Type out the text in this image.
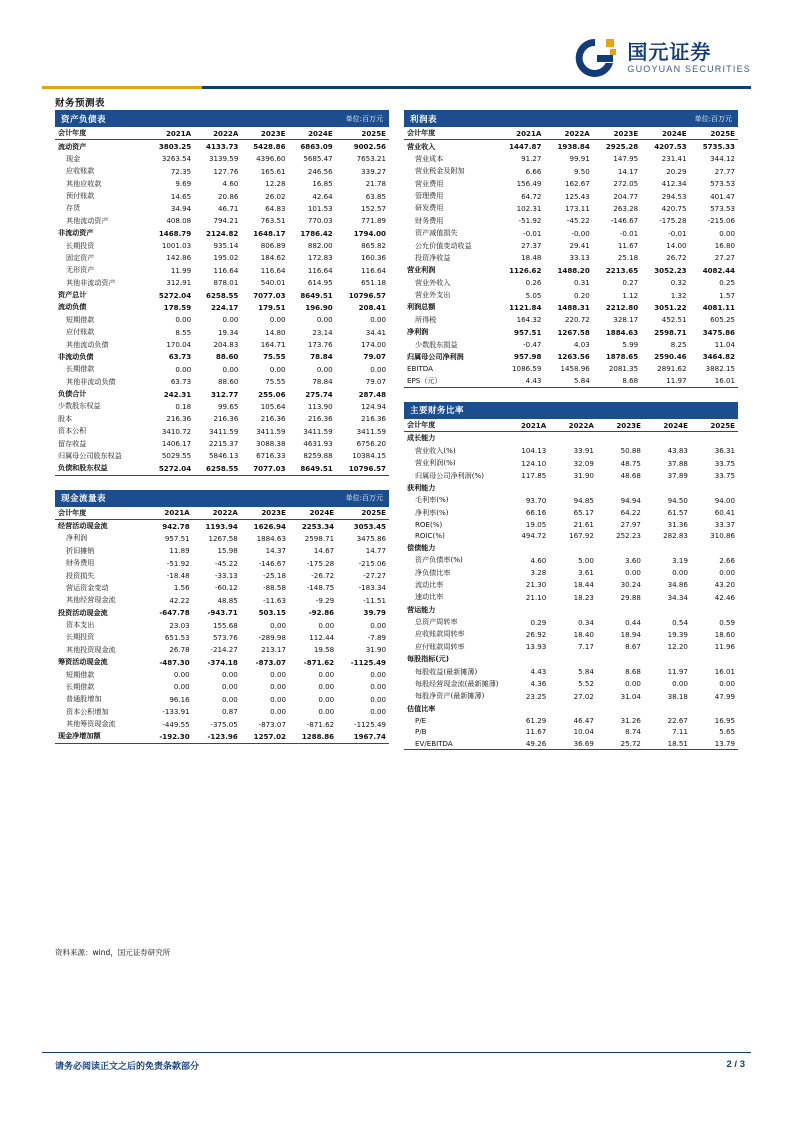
国元证券
GUOYUAN SECURITIES
财务预测表
资产负债表	单位:百万元
会计年度	2021A	2022A	2023E	2024E	2025E
流动资产	3803.25	4133.73	5428.86	6863.09	9002.56
现金	3263.54	3139.59	4396.60	5685.47	7653.21
应收账款	72.35	127.76	165.61	246.56	339.27
其他应收款	9.69	4.60	12.28	16.85	21.78
预付账款	14.65	20.86	26.02	42.64	63.85
存货	34.94	46.71	64.83	101.53	152.57
其他流动资产	408.08	794.21	763.51	770.03	771.89
非流动资产	1468.79	2124.82	1648.17	1786.42	1794.00
长期投资	1001.03	935.14	806.89	882.00	865.82
固定资产	142.86	195.02	184.62	172.83	160.36
无形资产	11.99	116.64	116.64	116.64	116.64
其他非流动资产	312.91	878.01	540.01	614.95	651.18
资产总计	5272.04	6258.55	7077.03	8649.51	10796.57
流动负债	178.59	224.17	179.51	196.90	208.41
短期借款	0.00	0.00	0.00	0.00	0.00
应付账款	8.55	19.34	14.80	23.14	34.41
其他流动负债	170.04	204.83	164.71	173.76	174.00
非流动负债	63.73	88.60	75.55	78.84	79.07
长期借款	0.00	0.00	0.00	0.00	0.00
其他非流动负债	63.73	88.60	75.55	78.84	79.07
负债合计	242.31	312.77	255.06	275.74	287.48
少数股东权益	0.18	99.65	105.64	113.90	124.94
股本	216.36	216.36	216.36	216.36	216.36
资本公积	3410.72	3411.59	3411.59	3411.59	3411.59
留存收益	1406.17	2215.37	3088.38	4631.93	6756.20
归属母公司股东权益	5029.55	5846.13	6716.33	8259.88	10384.15
负债和股东权益	5272.04	6258.55	7077.03	8649.51	10796.57
现金流量表	单位:百万元
会计年度	2021A	2022A	2023E	2024E	2025E
经营活动现金流	942.78	1193.94	1626.94	2253.34	3053.45
净利润	957.51	1267.58	1884.63	2598.71	3475.86
折旧摊销	11.89	15.98	14.37	14.67	14.77
财务费用	-51.92	-45.22	-146.67	-175.28	-215.06
投资损失	-18.48	-33.13	-25.18	-26.72	-27.27
营运资金变动	1.56	-60.12	-88.58	-148.75	-183.34
其他经营现金流	42.22	48.85	-11.63	-9.29	-11.51
投资活动现金流	-647.78	-943.71	503.15	-92.86	39.79
资本支出	23.03	155.68	0.00	0.00	0.00
长期投资	651.53	573.76	-289.98	112.44	-7.89
其他投资现金流	26.78	-214.27	213.17	19.58	31.90
筹资活动现金流	-487.30	-374.18	-873.07	-871.62	-1125.49
短期借款	0.00	0.00	0.00	0.00	0.00
长期借款	0.00	0.00	0.00	0.00	0.00
普通股增加	96.16	0.00	0.00	0.00	0.00
资本公积增加	-133.91	0.87	0.00	0.00	0.00
其他筹资现金流	-449.55	-375.05	-873.07	-871.62	-1125.49
现金净增加额	-192.30	-123.96	1257.02	1288.86	1967.74
利润表	单位:百万元
会计年度	2021A	2022A	2023E	2024E	2025E
营业收入	1447.87	1938.84	2925.28	4207.53	5735.33
营业成本	91.27	99.91	147.95	231.41	344.12
营业税金及附加	6.66	9.50	14.17	20.29	27.77
营业费用	156.49	162.67	272.05	412.34	573.53
管理费用	64.72	125.43	204.77	294.53	401.47
研发费用	102.31	173.11	263.28	420.75	573.53
财务费用	-51.92	-45.22	-146.67	-175.28	-215.06
资产减值损失	-0.01	-0.00	-0.01	-0.01	0.00
公允价值变动收益	27.37	29.41	11.67	14.00	16.80
投资净收益	18.48	33.13	25.18	26.72	27.27
营业利润	1126.62	1488.20	2213.65	3052.23	4082.44
营业外收入	0.26	0.31	0.27	0.32	0.25
营业外支出	5.05	0.20	1.12	1.32	1.57
利润总额	1121.84	1488.31	2212.80	3051.22	4081.11
所得税	164.32	220.72	328.17	452.51	605.25
净利润	957.51	1267.58	1884.63	2598.71	3475.86
少数股东损益	-0.47	4.03	5.99	8.25	11.04
归属母公司净利润	957.98	1263.56	1878.65	2590.46	3464.82
EBITDA	1086.59	1458.96	2081.35	2891.62	3882.15
EPS（元）	4.43	5.84	8.68	11.97	16.01
主要财务比率
会计年度	2021A	2022A	2023E	2024E	2025E
成长能力					
营业收入(%)	104.13	33.91	50.88	43.83	36.31
营业利润(%)	124.10	32.09	48.75	37.88	33.75
归属母公司净利润(%)	117.85	31.90	48.68	37.89	33.75
获利能力					
毛利率(%)	93.70	94.85	94.94	94.50	94.00
净利率(%)	66.16	65.17	64.22	61.57	60.41
ROE(%)	19.05	21.61	27.97	31.36	33.37
ROIC(%)	494.72	167.92	252.23	282.83	310.86
偿债能力					
资产负债率(%)	4.60	5.00	3.60	3.19	2.66
净负债比率	3.28	3.61	0.00	0.00	0.00
流动比率	21.30	18.44	30.24	34.86	43.20
速动比率	21.10	18.23	29.88	34.34	42.46
营运能力					
总资产周转率	0.29	0.34	0.44	0.54	0.59
应收账款周转率	26.92	18.40	18.94	19.39	18.60
应付账款周转率	13.93	7.17	8.67	12.20	11.96
每股指标(元)					
每股收益(最新摊薄)	4.43	5.84	8.68	11.97	16.01
每股经营现金流(最新摊薄)	4.36	5.52	0.00	0.00	0.00
每股净资产(最新摊薄)	23.25	27.02	31.04	38.18	47.99
估值比率					
P/E	61.29	46.47	31.26	22.67	16.95
P/B	11.67	10.04	8.74	7.11	5.65
EV/EBITDA	49.26	36.69	25.72	18.51	13.79
资料来源：wind，国元证券研究所
请务必阅读正文之后的免责条款部分	2 / 3
